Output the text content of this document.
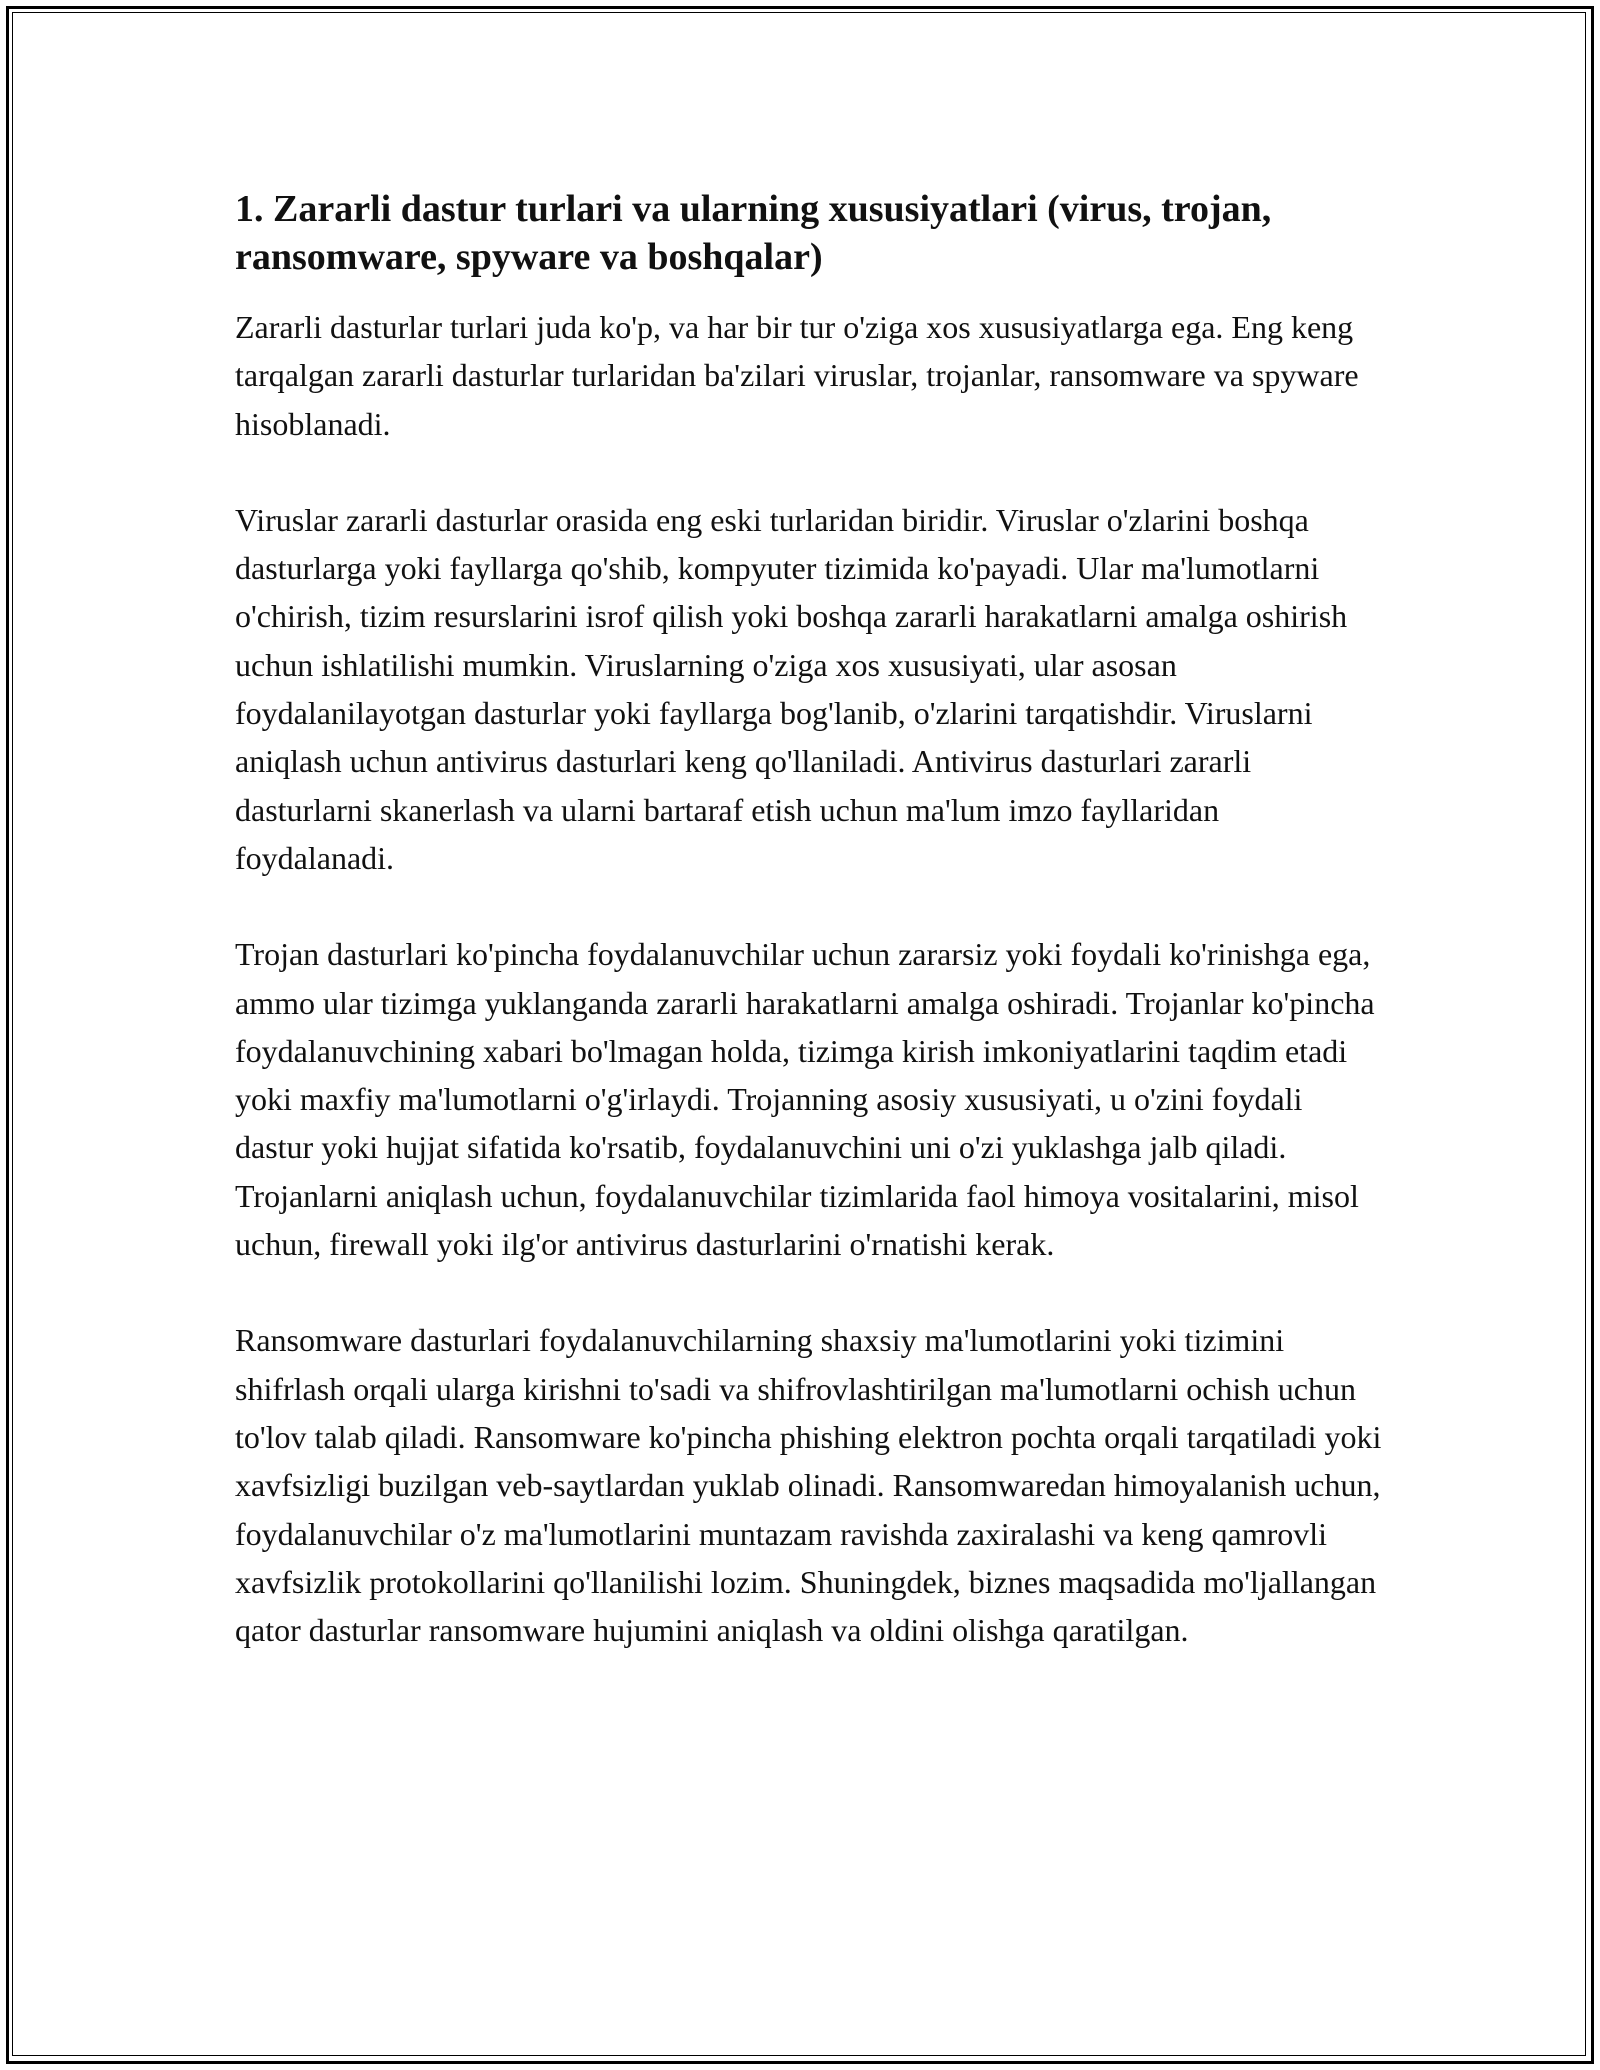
1. Zararli dastur turlari va ularning xususiyatlari (virus, trojan, ransomware, spyware va boshqalar)

Zararli dasturlar turlari juda ko'p, va har bir tur o'ziga xos xususiyatlarga ega. Eng keng tarqalgan zararli dasturlar turlaridan ba'zilari viruslar, trojanlar, ransomware va spyware hisoblanadi.

Viruslar zararli dasturlar orasida eng eski turlaridan biridir. Viruslar o'zlarini boshqa dasturlarga yoki fayllarga qo'shib, kompyuter tizimida ko'payadi. Ular ma'lumotlarni o'chirish, tizim resurslarini isrof qilish yoki boshqa zararli harakatlarni amalga oshirish uchun ishlatilishi mumkin. Viruslarning o'ziga xos xususiyati, ular asosan foydalanilayotgan dasturlar yoki fayllarga bog'lanib, o'zlarini tarqatishdir. Viruslarni aniqlash uchun antivirus dasturlari keng qo'llaniladi. Antivirus dasturlari zararli dasturlarni skanerlash va ularni bartaraf etish uchun ma'lum imzo fayllaridan foydalanadi.

Trojan dasturlari ko'pincha foydalanuvchilar uchun zararsiz yoki foydali ko'rinishga ega, ammo ular tizimga yuklanganda zararli harakatlarni amalga oshiradi. Trojanlar ko'pincha foydalanuvchining xabari bo'lmagan holda, tizimga kirish imkoniyatlarini taqdim etadi yoki maxfiy ma'lumotlarni o'g'irlaydi. Trojanning asosiy xususiyati, u o'zini foydali dastur yoki hujjat sifatida ko'rsatib, foydalanuvchini uni o'zi yuklashga jalb qiladi. Trojanlarni aniqlash uchun, foydalanuvchilar tizimlarida faol himoya vositalarini, misol uchun, firewall yoki ilg'or antivirus dasturlarini o'rnatishi kerak.

Ransomware dasturlari foydalanuvchilarning shaxsiy ma'lumotlarini yoki tizimini shifrlash orqali ularga kirishni to'sadi va shifrovlashtirilgan ma'lumotlarni ochish uchun to'lov talab qiladi. Ransomware ko'pincha phishing elektron pochta orqali tarqatiladi yoki xavfsizligi buzilgan veb-saytlardan yuklab olinadi. Ransomwaredan himoyalanish uchun, foydalanuvchilar o'z ma'lumotlarini muntazam ravishda zaxiralashi va keng qamrovli xavfsizlik protokollarini qo'llanilishi lozim. Shuningdek, biznes maqsadida mo'ljallangan qator dasturlar ransomware hujumini aniqlash va oldini olishga qaratilgan.
